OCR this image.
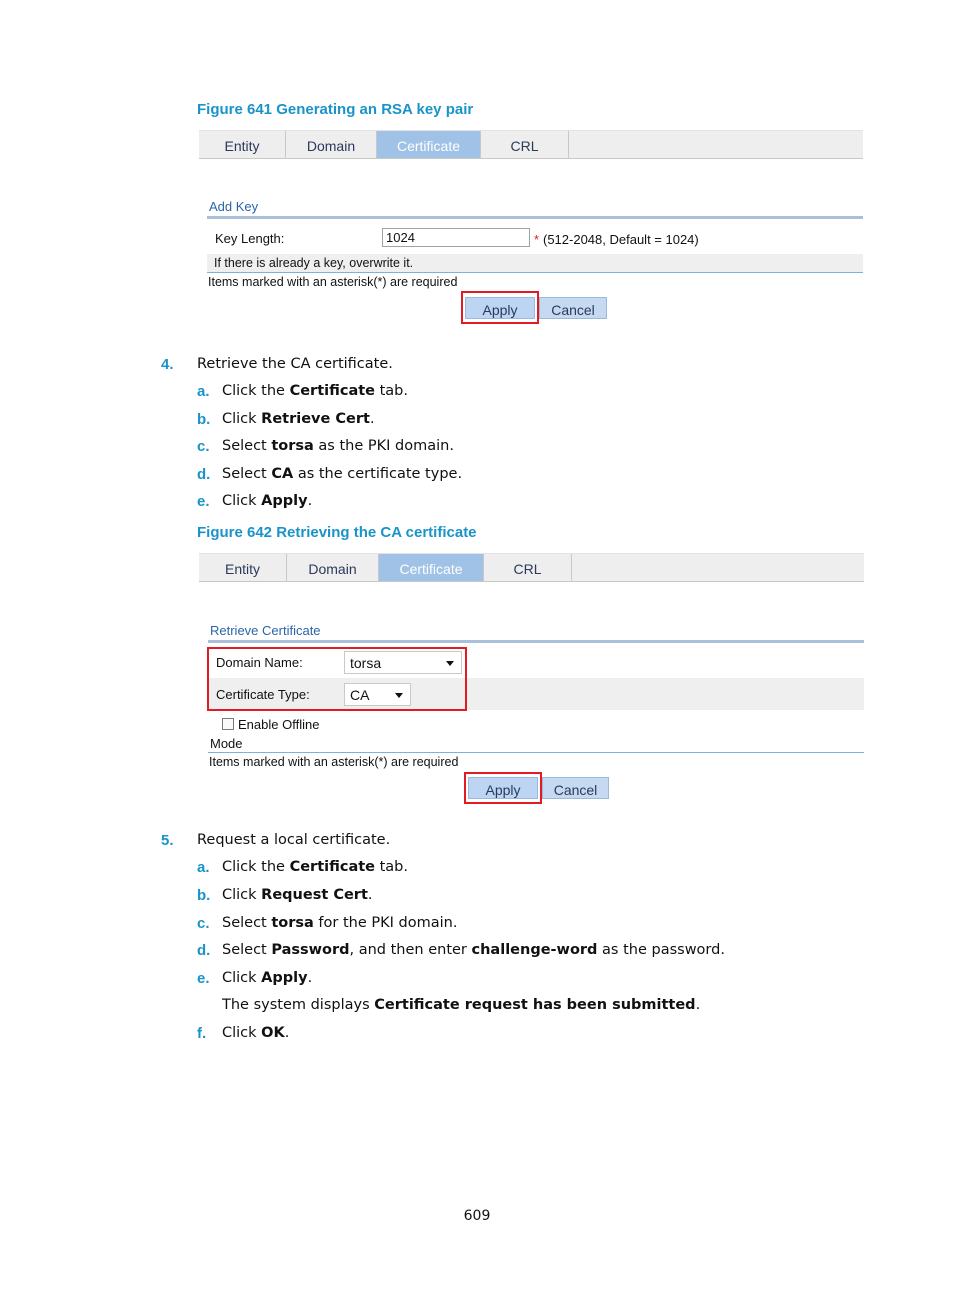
Figure 641 Generating an RSA key pair
Entity	Domain	Certificate	CRL
Add Key
Key Length:	1024	* (512-2048, Default = 1024)
If there is already a key, overwrite it.
Items marked with an asterisk(*) are required
Apply	Cancel
4. Retrieve the CA certificate.
a. Click the Certificate tab.
b. Click Retrieve Cert.
c. Select torsa as the PKI domain.
d. Select CA as the certificate type.
e. Click Apply.
Figure 642 Retrieving the CA certificate
Entity	Domain	Certificate	CRL
Retrieve Certificate
Domain Name:	torsa
Certificate Type:	CA
Enable Offline
Mode
Items marked with an asterisk(*) are required
Apply	Cancel
5. Request a local certificate.
a. Click the Certificate tab.
b. Click Request Cert.
c. Select torsa for the PKI domain.
d. Select Password, and then enter challenge-word as the password.
e. Click Apply.
The system displays Certificate request has been submitted.
f. Click OK.
609
